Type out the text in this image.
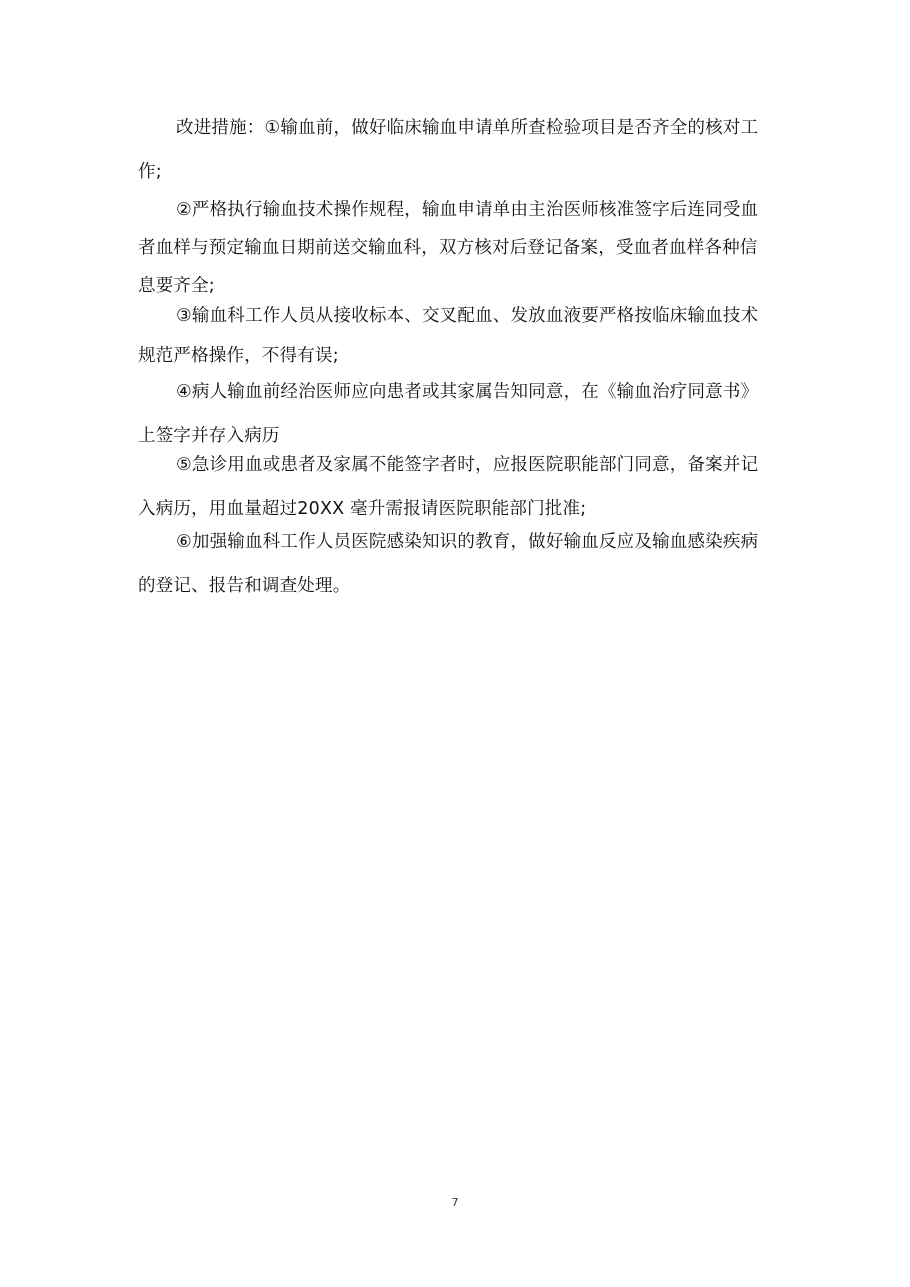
改进措施：①输血前，做好临床输血申请单所查检验项目是否齐全的核对工
作;
②严格执行输血技术操作规程，输血申请单由主治医师核准签字后连同受血
者血样与预定输血日期前送交输血科，双方核对后登记备案，受血者血样各种信
息要齐全;
③输血科工作人员从接收标本、交叉配血、发放血液要严格按临床输血技术
规范严格操作，不得有误;
④病人输血前经治医师应向患者或其家属告知同意，在《输血治疗同意书》
上签字并存入病历
⑤急诊用血或患者及家属不能签字者时，应报医院职能部门同意，备案并记
入病历，用血量超过20XX 毫升需报请医院职能部门批准;
⑥加强输血科工作人员医院感染知识的教育，做好输血反应及输血感染疾病
的登记、报告和调查处理。
7
